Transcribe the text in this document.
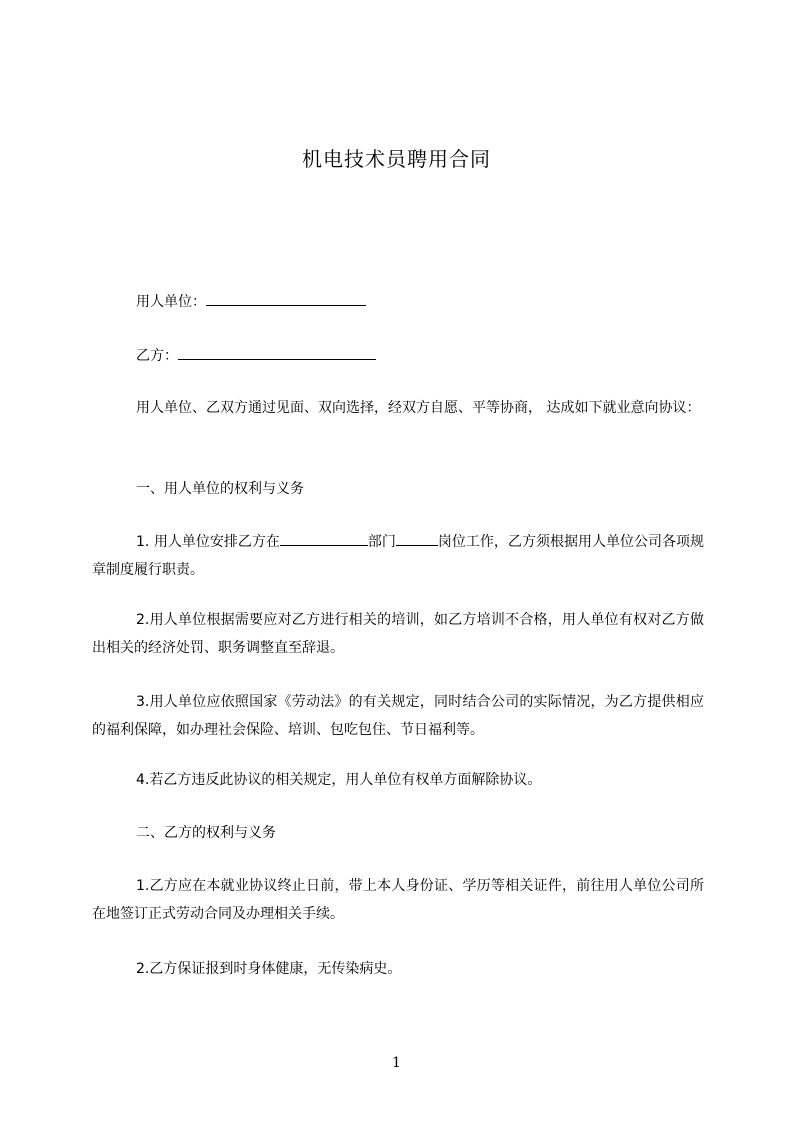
机电技术员聘用合同
用人单位：
乙方：
用人单位、乙双方通过见面、双向选择，经双方自愿、平等协商， 达成如下就业意向协议：
一、用人单位的权利与义务
1. 用人单位安排乙方在	部门	岗位工作，乙方须根据用人单位公司各项规章制度履行职责。
2.用人单位根据需要应对乙方进行相关的培训，如乙方培训不合格，用人单位有权对乙方做出相关的经济处罚、职务调整直至辞退。
3.用人单位应依照国家《劳动法》的有关规定，同时结合公司的实际情况，为乙方提供相应的福利保障，如办理社会保险、培训、包吃包住、节日福利等。
4.若乙方违反此协议的相关规定，用人单位有权单方面解除协议。
二、乙方的权利与义务
1.乙方应在本就业协议终止日前，带上本人身份证、学历等相关证件，前往用人单位公司所在地签订正式劳动合同及办理相关手续。
2.乙方保证报到时身体健康，无传染病史。
1
